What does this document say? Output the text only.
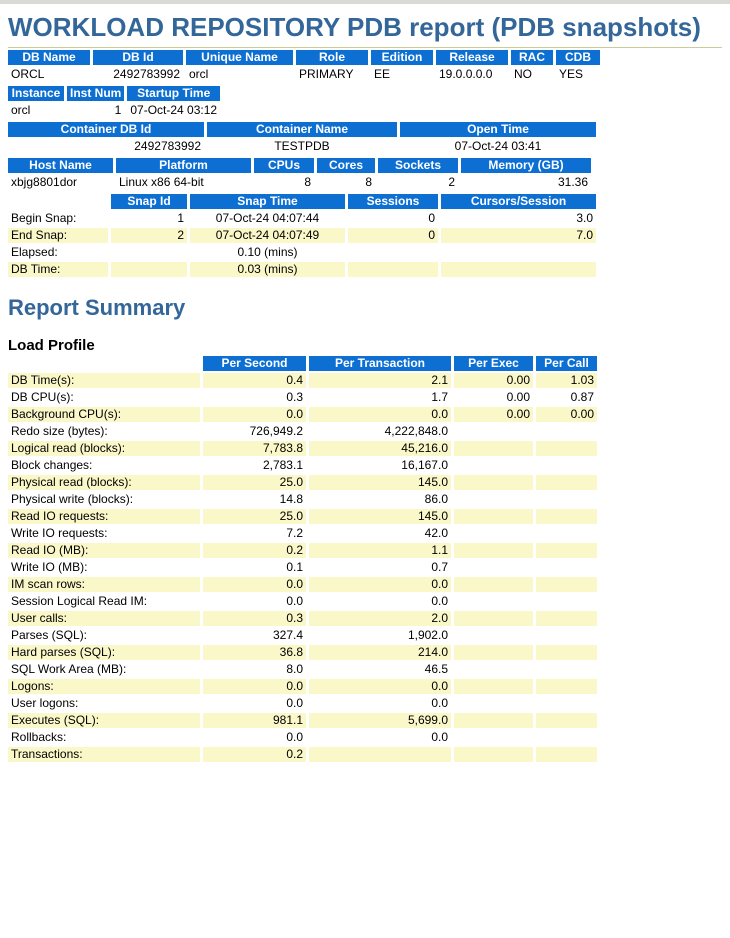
WORKLOAD REPOSITORY PDB report (PDB snapshots)
DB Name	DB Id	Unique Name	Role	Edition	Release	RAC	CDB
ORCL	2492783992	orcl	PRIMARY	EE	19.0.0.0.0	NO	YES
Instance	Inst Num	Startup Time
orcl	1	07-Oct-24 03:12
Container DB Id	Container Name	Open Time
2492783992	TESTPDB	07-Oct-24 03:41
Host Name	Platform	CPUs	Cores	Sockets	Memory (GB)
xbjg8801dor	Linux x86 64-bit	8	8	2	31.36
	Snap Id	Snap Time	Sessions	Cursors/Session
Begin Snap:	1	07-Oct-24 04:07:44	0	3.0
End Snap:	2	07-Oct-24 04:07:49	0	7.0
Elapsed:		0.10 (mins)		
DB Time:		0.03 (mins)		
Report Summary
Load Profile
	Per Second	Per Transaction	Per Exec	Per Call
DB Time(s):	0.4	2.1	0.00	1.03
DB CPU(s):	0.3	1.7	0.00	0.87
Background CPU(s):	0.0	0.0	0.00	0.00
Redo size (bytes):	726,949.2	4,222,848.0		
Logical read (blocks):	7,783.8	45,216.0		
Block changes:	2,783.1	16,167.0		
Physical read (blocks):	25.0	145.0		
Physical write (blocks):	14.8	86.0		
Read IO requests:	25.0	145.0		
Write IO requests:	7.2	42.0		
Read IO (MB):	0.2	1.1		
Write IO (MB):	0.1	0.7		
IM scan rows:	0.0	0.0		
Session Logical Read IM:	0.0	0.0		
User calls:	0.3	2.0		
Parses (SQL):	327.4	1,902.0		
Hard parses (SQL):	36.8	214.0		
SQL Work Area (MB):	8.0	46.5		
Logons:	0.0	0.0		
User logons:	0.0	0.0		
Executes (SQL):	981.1	5,699.0		
Rollbacks:	0.0	0.0		
Transactions:	0.2			
